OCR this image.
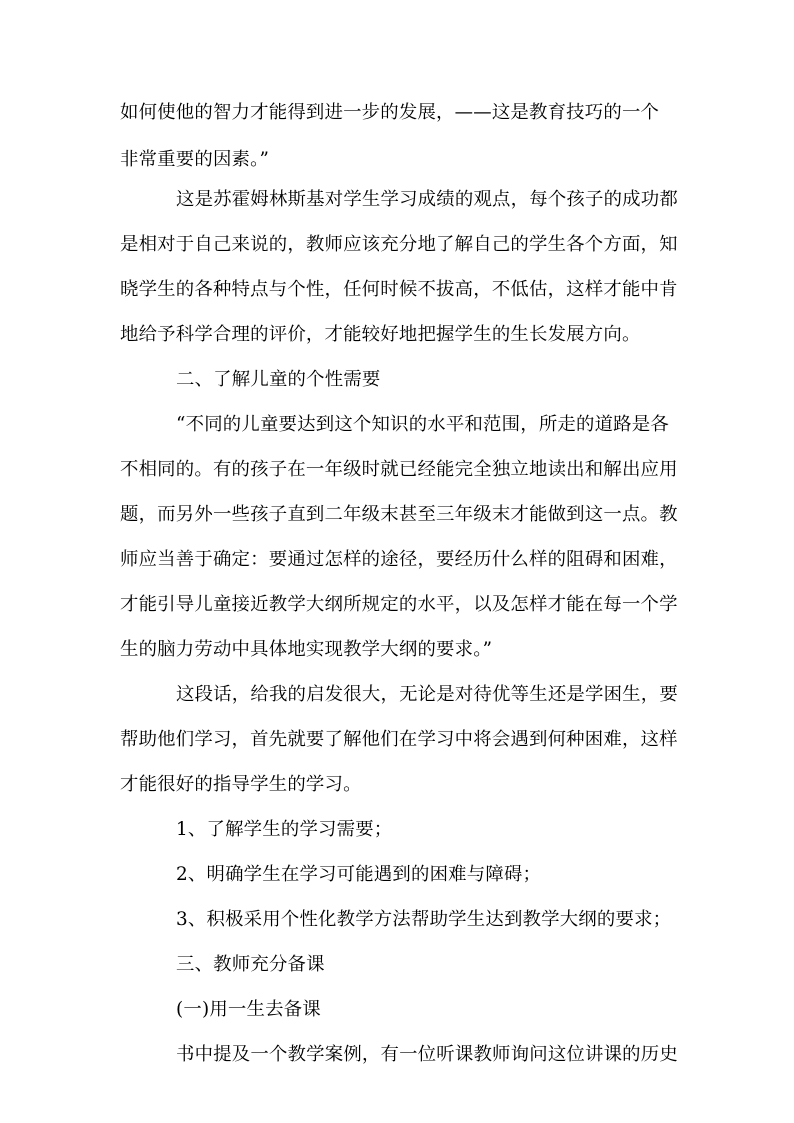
如何使他的智力才能得到进一步的发展，——这是教育技巧的一个
非常重要的因素。”
这是苏霍姆林斯基对学生学习成绩的观点，每个孩子的成功都
是相对于自己来说的，教师应该充分地了解自己的学生各个方面，知
晓学生的各种特点与个性，任何时候不拔高，不低估，这样才能中肯
地给予科学合理的评价，才能较好地把握学生的生长发展方向。
二、了解儿童的个性需要
“不同的儿童要达到这个知识的水平和范围，所走的道路是各
不相同的。有的孩子在一年级时就已经能完全独立地读出和解出应用
题，而另外一些孩子直到二年级末甚至三年级末才能做到这一点。教
师应当善于确定：要通过怎样的途径，要经历什么样的阻碍和困难，
才能引导儿童接近教学大纲所规定的水平，以及怎样才能在每一个学
生的脑力劳动中具体地实现教学大纲的要求。”
这段话，给我的启发很大，无论是对待优等生还是学困生，要
帮助他们学习，首先就要了解他们在学习中将会遇到何种困难，这样
才能很好的指导学生的学习。
1、了解学生的学习需要；
2、明确学生在学习可能遇到的困难与障碍；
3、积极采用个性化教学方法帮助学生达到教学大纲的要求；
三、教师充分备课
(一)用一生去备课
书中提及一个教学案例，有一位听课教师询问这位讲课的历史
